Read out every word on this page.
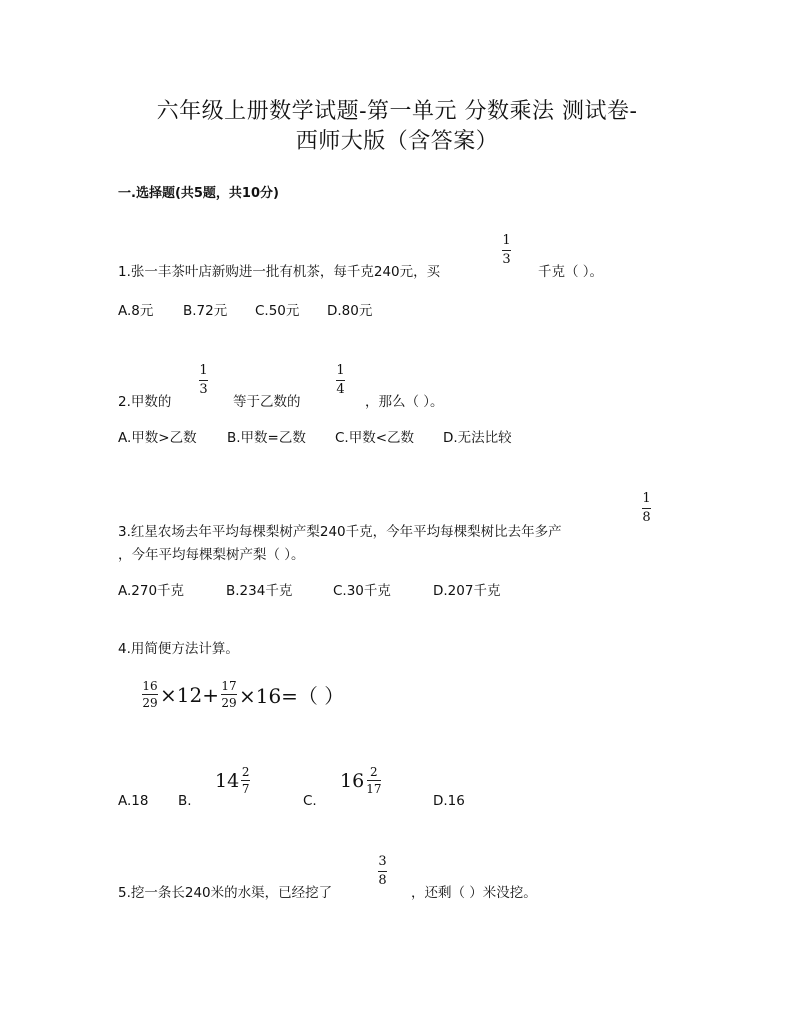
六年级上册数学试题-第一单元 分数乘法 测试卷-
西师大版（含答案）
一.选择题(共5题，共10分)
1.张一丰茶叶店新购进一批有机茶，每千克240元，买
1
3
千克（ ）。
A.8元 B.72元 C.50元 D.80元
2.甲数的
1
3
等于乙数的
1
4
，那么（ ）。
A.甲数>乙数 B.甲数=乙数 C.甲数<乙数 D.无法比较
3.红星农场去年平均每棵梨树产梨240千克，今年平均每棵梨树比去年多产
1
8
，今年平均每棵梨树产梨（ ）。
A.270千克	B.234千克	C.30千克	D.207千克
4.用简便方法计算。
16
29 ×12+ 17
29 ×16=（ ）
A.18 B.
14 2
7
C.
16 2
17
D.16
5.挖一条长240米的水渠，已经挖了
3
8
，还剩（ ）米没挖。
